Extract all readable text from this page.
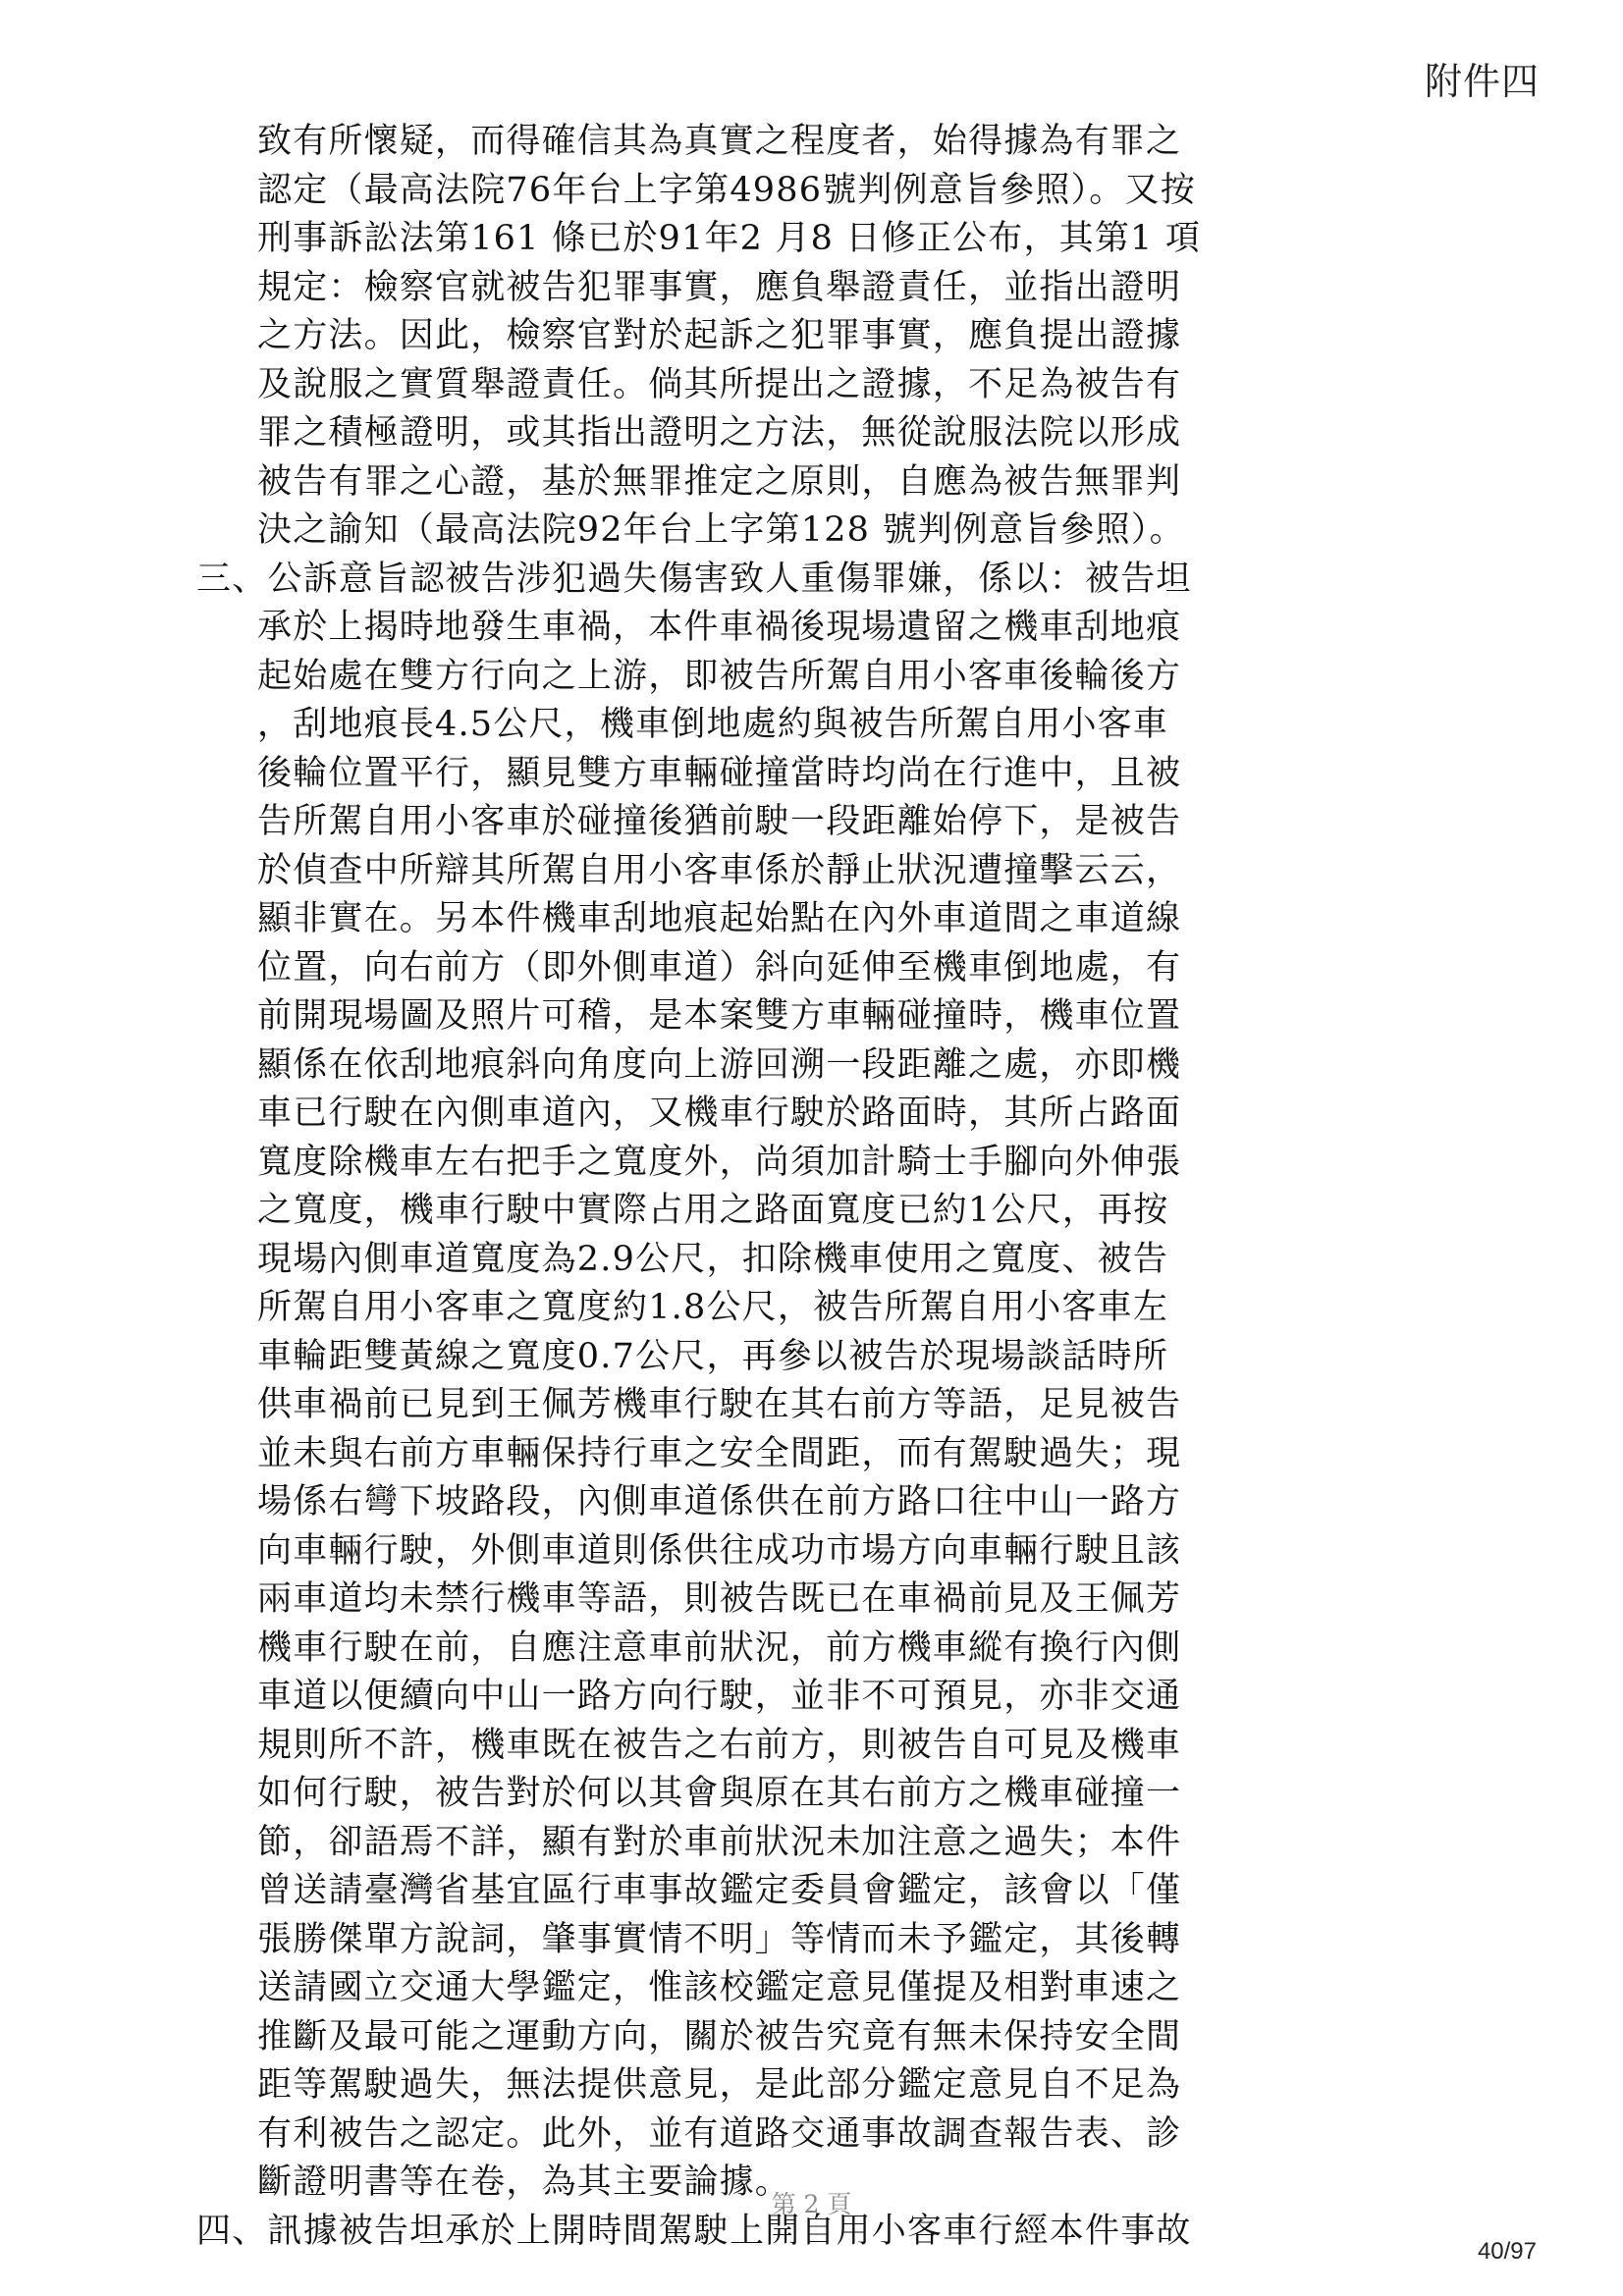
附件四
致有所懷疑，而得確信其為真實之程度者，始得據為有罪之
認定（最高法院76年台上字第4986號判例意旨參照）。又按
刑事訴訟法第161 條已於91年2 月8 日修正公布，其第1 項
規定：檢察官就被告犯罪事實，應負舉證責任，並指出證明
之方法。因此，檢察官對於起訴之犯罪事實，應負提出證據
及說服之實質舉證責任。倘其所提出之證據，不足為被告有
罪之積極證明，或其指出證明之方法，無從說服法院以形成
被告有罪之心證，基於無罪推定之原則，自應為被告無罪判
決之諭知（最高法院92年台上字第128 號判例意旨參照）。
三、公訴意旨認被告涉犯過失傷害致人重傷罪嫌，係以：被告坦
承於上揭時地發生車禍，本件車禍後現場遺留之機車刮地痕
起始處在雙方行向之上游，即被告所駕自用小客車後輪後方
，刮地痕長4.5公尺，機車倒地處約與被告所駕自用小客車
後輪位置平行，顯見雙方車輛碰撞當時均尚在行進中，且被
告所駕自用小客車於碰撞後猶前駛一段距離始停下，是被告
於偵查中所辯其所駕自用小客車係於靜止狀況遭撞擊云云，
顯非實在。另本件機車刮地痕起始點在內外車道間之車道線
位置，向右前方（即外側車道）斜向延伸至機車倒地處，有
前開現場圖及照片可稽，是本案雙方車輛碰撞時，機車位置
顯係在依刮地痕斜向角度向上游回溯一段距離之處，亦即機
車已行駛在內側車道內，又機車行駛於路面時，其所占路面
寬度除機車左右把手之寬度外，尚須加計騎士手腳向外伸張
之寬度，機車行駛中實際占用之路面寬度已約1公尺，再按
現場內側車道寬度為2.9公尺，扣除機車使用之寬度、被告
所駕自用小客車之寬度約1.8公尺，被告所駕自用小客車左
車輪距雙黃線之寬度0.7公尺，再參以被告於現場談話時所
供車禍前已見到王佩芳機車行駛在其右前方等語，足見被告
並未與右前方車輛保持行車之安全間距，而有駕駛過失；現
場係右彎下坡路段，內側車道係供在前方路口往中山一路方
向車輛行駛，外側車道則係供往成功市場方向車輛行駛且該
兩車道均未禁行機車等語，則被告既已在車禍前見及王佩芳
機車行駛在前，自應注意車前狀況，前方機車縱有換行內側
車道以便續向中山一路方向行駛，並非不可預見，亦非交通
規則所不許，機車既在被告之右前方，則被告自可見及機車
如何行駛，被告對於何以其會與原在其右前方之機車碰撞一
節，卻語焉不詳，顯有對於車前狀況未加注意之過失；本件
曾送請臺灣省基宜區行車事故鑑定委員會鑑定，該會以「僅
張勝傑單方說詞，肇事實情不明」等情而未予鑑定，其後轉
送請國立交通大學鑑定，惟該校鑑定意見僅提及相對車速之
推斷及最可能之運動方向，關於被告究竟有無未保持安全間
距等駕駛過失，無法提供意見，是此部分鑑定意見自不足為
有利被告之認定。此外，並有道路交通事故調查報告表、診
斷證明書等在卷，為其主要論據。
四、訊據被告坦承於上開時間駕駛上開自用小客車行經本件事故
第 2 頁
40/97
